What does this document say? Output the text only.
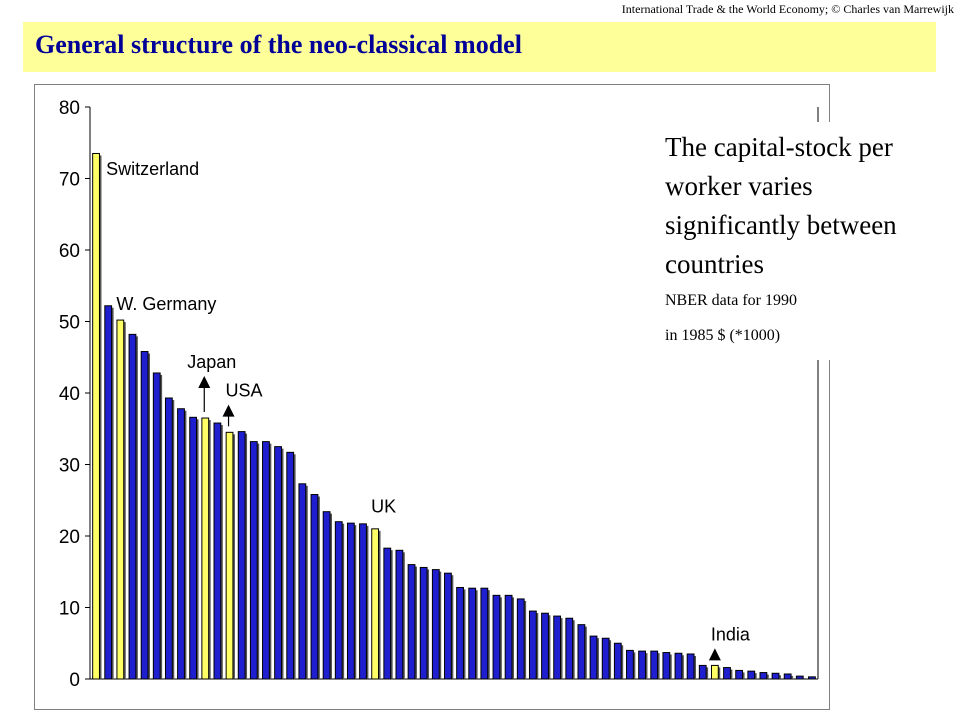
International Trade & the World Economy; © Charles van Marrewijk
General structure of the neo-classical model
0
10
20
30
40
50
60
70
80
Switzerland
W. Germany
Japan
USA
UK
India
The capital-stock per worker varies significantly between countries
NBER data for 1990
in 1985 $ (*1000)
